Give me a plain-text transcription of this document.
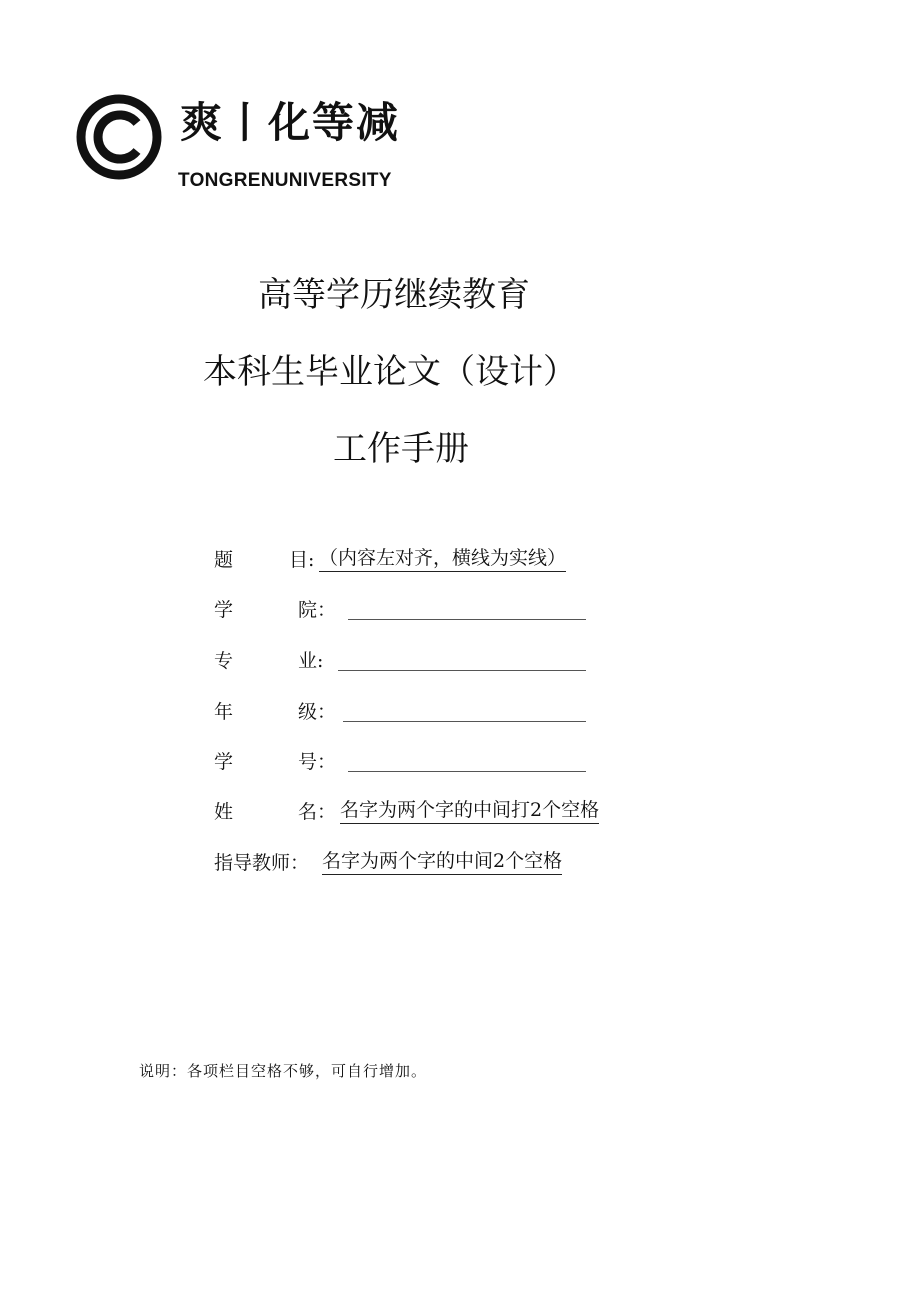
爽丨化等减
TONGRENUNIVERSITY
高等学历继续教育
本科生毕业论文（设计）
工作手册
题	目: （内容左对齐，横线为实线）
学	院：
专	业:
年	级：
学	号：
姓	名： 名字为两个字的中间打2个空格
指导教师： 名字为两个字的中间2个空格
说明：各项栏目空格不够，可自行增加。
